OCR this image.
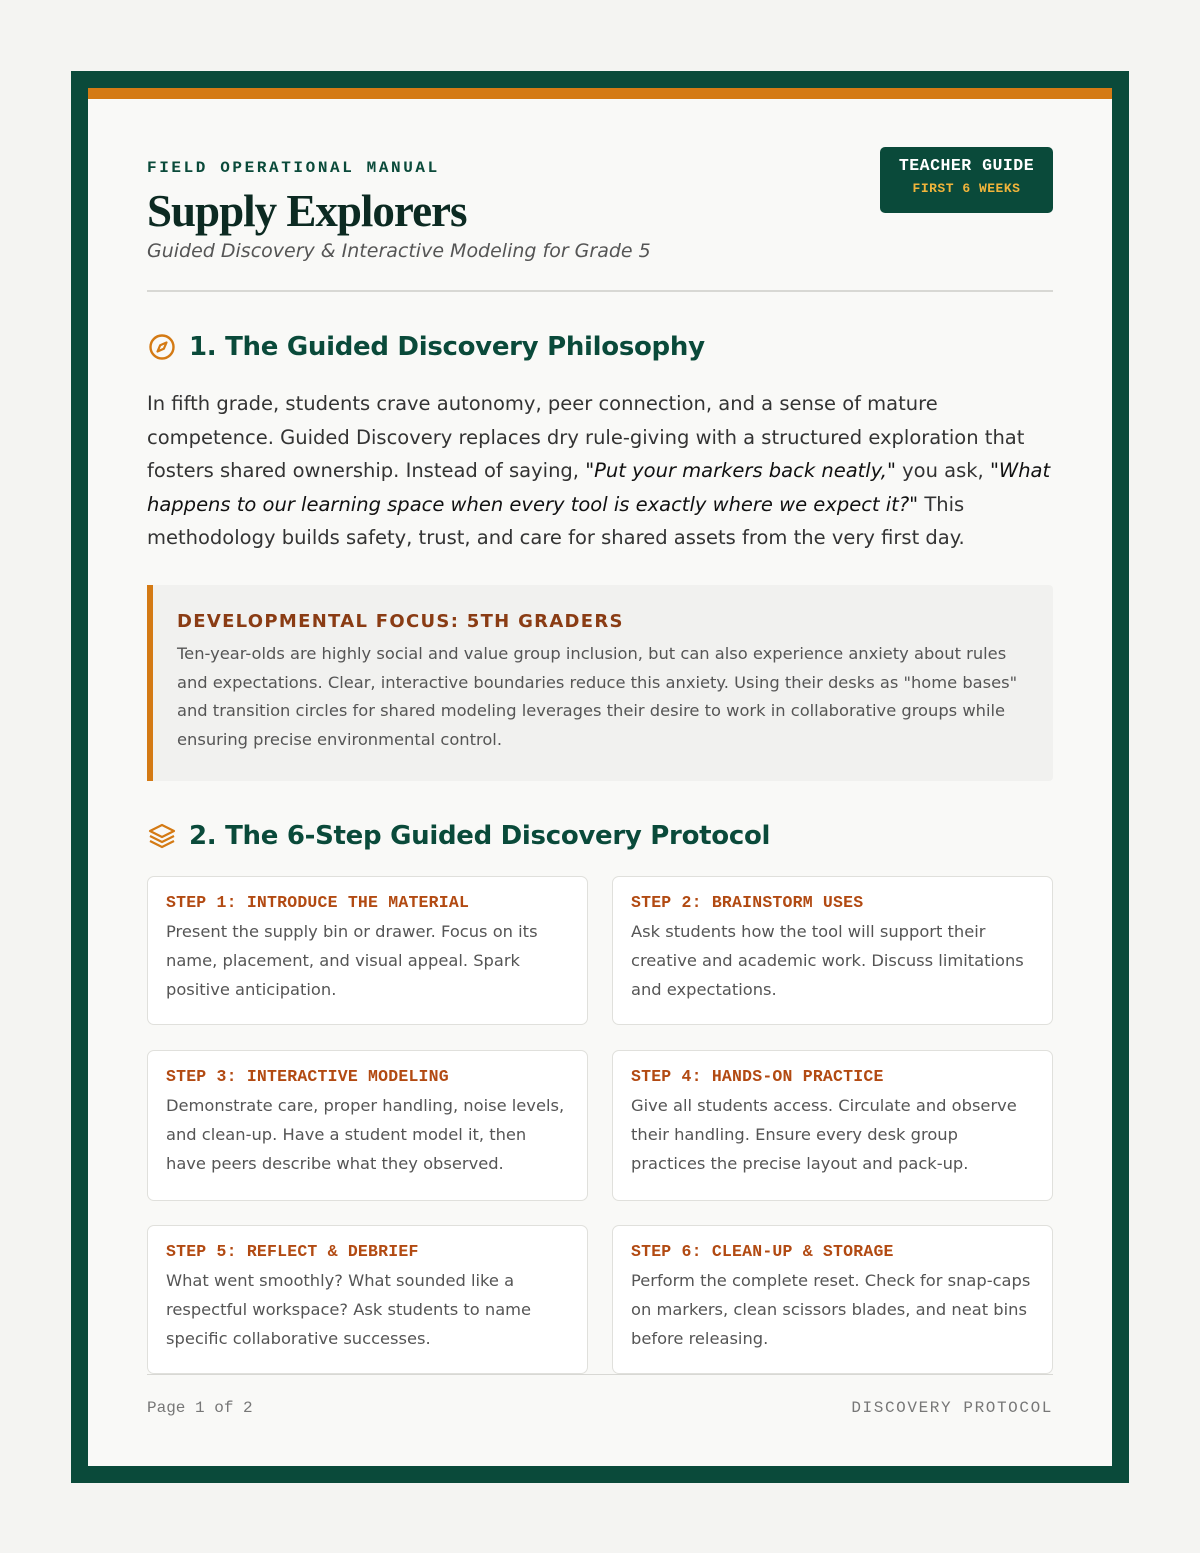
FIELD OPERATIONAL MANUAL
Supply Explorers
Guided Discovery & Interactive Modeling for Grade 5
TEACHER GUIDE
FIRST 6 WEEKS
1. The Guided Discovery Philosophy

In fifth grade, students crave autonomy, peer connection, and a sense of mature competence. Guided Discovery replaces dry rule-giving with a structured exploration that fosters shared ownership. Instead of saying, "Put your markers back neatly," you ask, "What happens to our learning space when every tool is exactly where we expect it?" This methodology builds safety, trust, and care for shared assets from the very first day.

DEVELOPMENTAL FOCUS: 5TH GRADERS

Ten-year-olds are highly social and value group inclusion, but can also experience anxiety about rules and expectations. Clear, interactive boundaries reduce this anxiety. Using their desks as "home bases" and transition circles for shared modeling leverages their desire to work in collaborative groups while ensuring precise environmental control.

2. The 6-Step Guided Discovery Protocol
STEP 1: INTRODUCE THE MATERIAL
Present the supply bin or drawer. Focus on its name, placement, and visual appeal. Spark positive anticipation.
STEP 2: BRAINSTORM USES
Ask students how the tool will support their creative and academic work. Discuss limitations and expectations.
STEP 3: INTERACTIVE MODELING
Demonstrate care, proper handling, noise levels, and clean-up. Have a student model it, then have peers describe what they observed.
STEP 4: HANDS-ON PRACTICE
Give all students access. Circulate and observe their handling. Ensure every desk group practices the precise layout and pack-up.
STEP 5: REFLECT & DEBRIEF
What went smoothly? What sounded like a respectful workspace? Ask students to name specific collaborative successes.
STEP 6: CLEAN-UP & STORAGE
Perform the complete reset. Check for snap-caps on markers, clean scissors blades, and neat bins before releasing.
Page 1 of 2	DISCOVERY PROTOCOL
